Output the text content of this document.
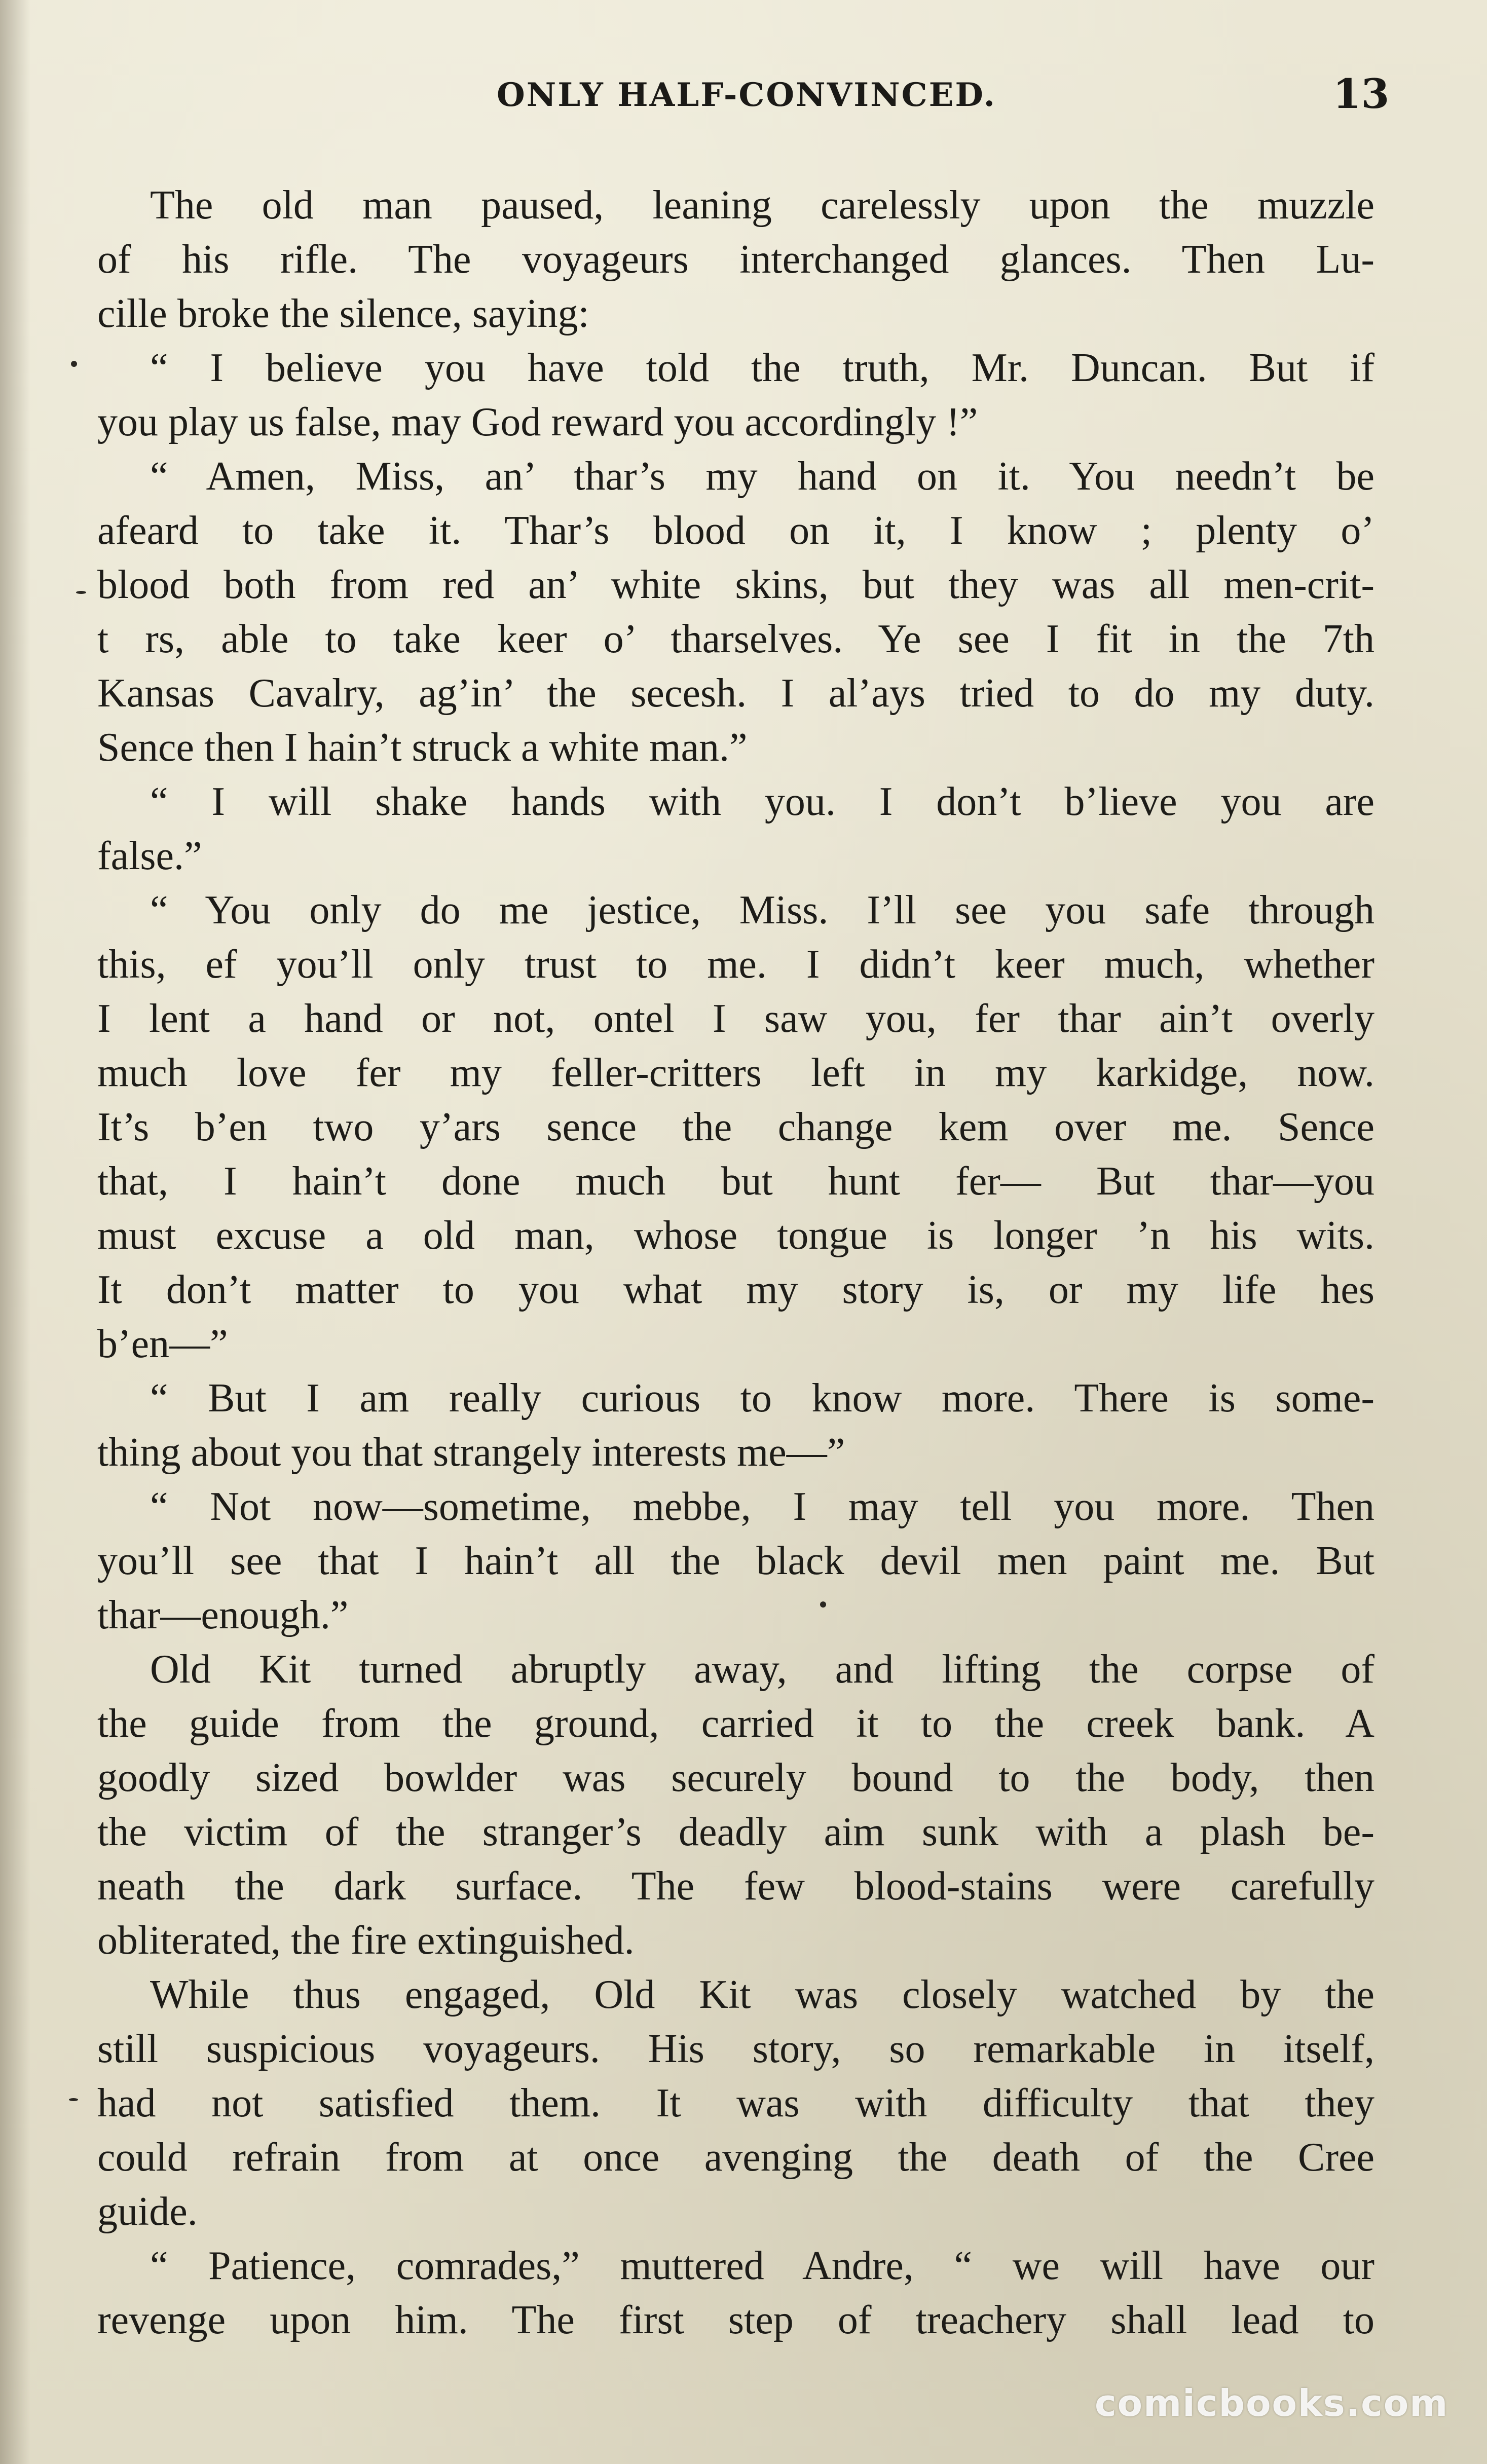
ONLY HALF-CONVINCED.	13
The old man paused, leaning carelessly upon the muzzle
of his rifle. The voyageurs interchanged glances. Then Lu-
cille broke the silence, saying:
“ I believe you have told the truth, Mr. Duncan. But if
you play us false, may God reward you accordingly !”
“ Amen, Miss, an’ thar’s my hand on it. You needn’t be
afeard to take it. Thar’s blood on it, I know ; plenty o’
blood both from red an’ white skins, but they was all men-crit-
t rs, able to take keer o’ tharselves. Ye see I fit in the 7th
Kansas Cavalry, ag’in’ the secesh. I al’ays tried to do my duty.
Sence then I hain’t struck a white man.”
“ I will shake hands with you. I don’t b’lieve you are
false.”
“ You only do me jestice, Miss. I’ll see you safe through
this, ef you’ll only trust to me. I didn’t keer much, whether
I lent a hand or not, ontel I saw you, fer thar ain’t overly
much love fer my feller-critters left in my karkidge, now.
It’s b’en two y’ars sence the change kem over me. Sence
that, I hain’t done much but hunt fer— But thar—you
must excuse a old man, whose tongue is longer ’n his wits.
It don’t matter to you what my story is, or my life hes
b’en—”
“ But I am really curious to know more. There is some-
thing about you that strangely interests me—”
“ Not now—sometime, mebbe, I may tell you more. Then
you’ll see that I hain’t all the black devil men paint me. But
thar—enough.”
Old Kit turned abruptly away, and lifting the corpse of
the guide from the ground, carried it to the creek bank. A
goodly sized bowlder was securely bound to the body, then
the victim of the stranger’s deadly aim sunk with a plash be-
neath the dark surface. The few blood-stains were carefully
obliterated, the fire extinguished.
While thus engaged, Old Kit was closely watched by the
still suspicious voyageurs. His story, so remarkable in itself,
had not satisfied them. It was with difficulty that they
could refrain from at once avenging the death of the Cree
guide.
“ Patience, comrades,” muttered Andre, “ we will have our
revenge upon him. The first step of treachery shall lead to
comicbooks.com
